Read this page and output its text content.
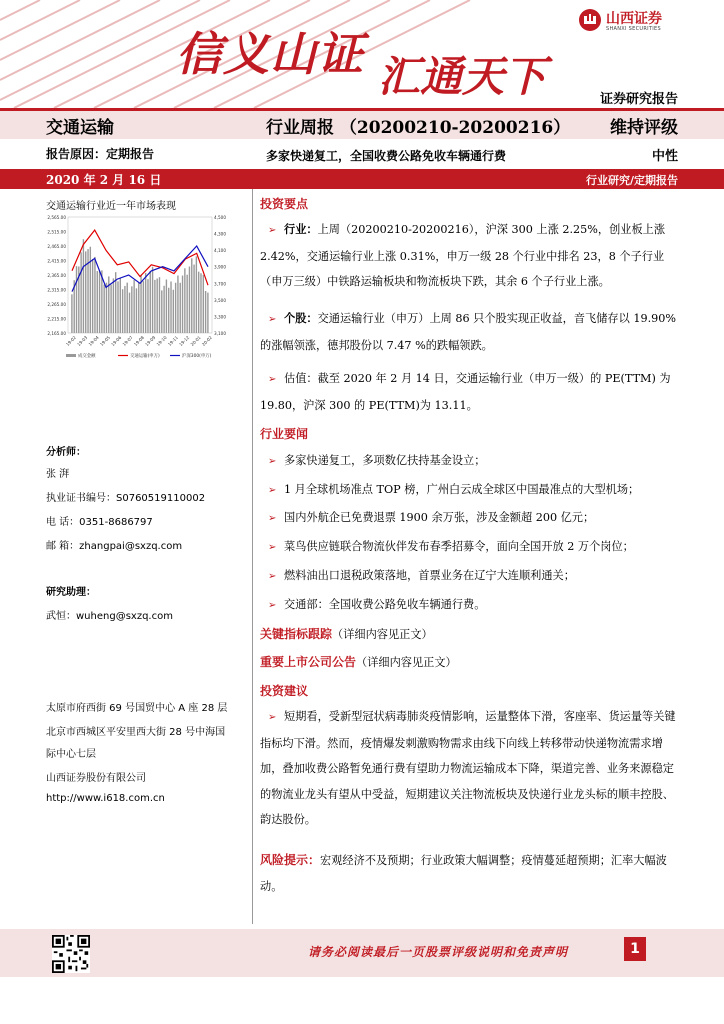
信义山证 汇通天下
山西证券
SHANXI SECURITIES
证券研究报告
交通运输	行业周报 （20200210-20200216） 维持评级
报告原因：定期报告	多家快递复工，全国收费公路免收车辆通行费	中性
2020 年 2 月 16 日	行业研究/定期报告
交通运输行业近一年市场表现
2,565.00
2,515.00
2,465.00
2,415.00
2,365.00
2,315.00
2,265.00
2,215.00
2,165.00
4,500
4,300
4,100
3,900
3,700
3,500
3,300
3,100
19-02 19-03 19-04 19-05 19-06 19-07 19-08 19-09 19-10 19-11 19-12 20-01 20-02
成交金额	交通运输(申万)	沪深300(申万)
分析师：
张 湃
执业证书编号：S0760519110002
电 话：0351-8686797
邮 箱：zhangpai@sxzq.com
研究助理：
武恒：wuheng@sxzq.com
太原市府西街 69 号国贸中心 A 座 28 层
北京市西城区平安里西大街 28 号中海国
际中心七层
山西证券股份有限公司
http://www.i618.com.cn
投资要点
➢ 行业：上周（20200210-20200216），沪深 300 上涨 2.25%，创业板上涨 2.42%，交通运输行业上涨 0.31%，申万一级 28 个行业中排名 23，8 个子行业（申万三级）中铁路运输板块和物流板块下跌，其余 6 个子行业上涨。
➢ 个股：交通运输行业（申万）上周 86 只个股实现正收益，音飞储存以 19.90%的涨幅领涨，德邦股份以 7.47 %的跌幅领跌。
➢ 估值：截至 2020 年 2 月 14 日，交通运输行业（申万一级）的 PE(TTM) 为 19.80，沪深 300 的 PE(TTM)为 13.11。
行业要闻
➢ 多家快递复工，多项数亿扶持基金设立；
➢ 1 月全球机场准点 TOP 榜，广州白云成全球区中国最准点的大型机场；
➢ 国内外航企已免费退票 1900 余万张，涉及金额超 200 亿元；
➢ 菜鸟供应链联合物流伙伴发布春季招募令，面向全国开放 2 万个岗位；
➢ 燃料油出口退税政策落地，首票业务在辽宁大连顺利通关；
➢ 交通部：全国收费公路免收车辆通行费。
关键指标跟踪（详细内容见正文）
重要上市公司公告（详细内容见正文）
投资建议
➢ 短期看，受新型冠状病毒肺炎疫情影响，运量整体下滑，客座率、货运量等关键指标均下滑。然而，疫情爆发刺激购物需求由线下向线上转移带动快递物流需求增加，叠加收费公路暂免通行费有望助力物流运输成本下降，渠道完善、业务来源稳定的物流业龙头有望从中受益，短期建议关注物流板块及快递行业龙头标的顺丰控股、韵达股份。
风险提示：宏观经济不及预期；行业政策大幅调整；疫情蔓延超预期；汇率大幅波动。
请务必阅读最后一页股票评级说明和免责声明	1
